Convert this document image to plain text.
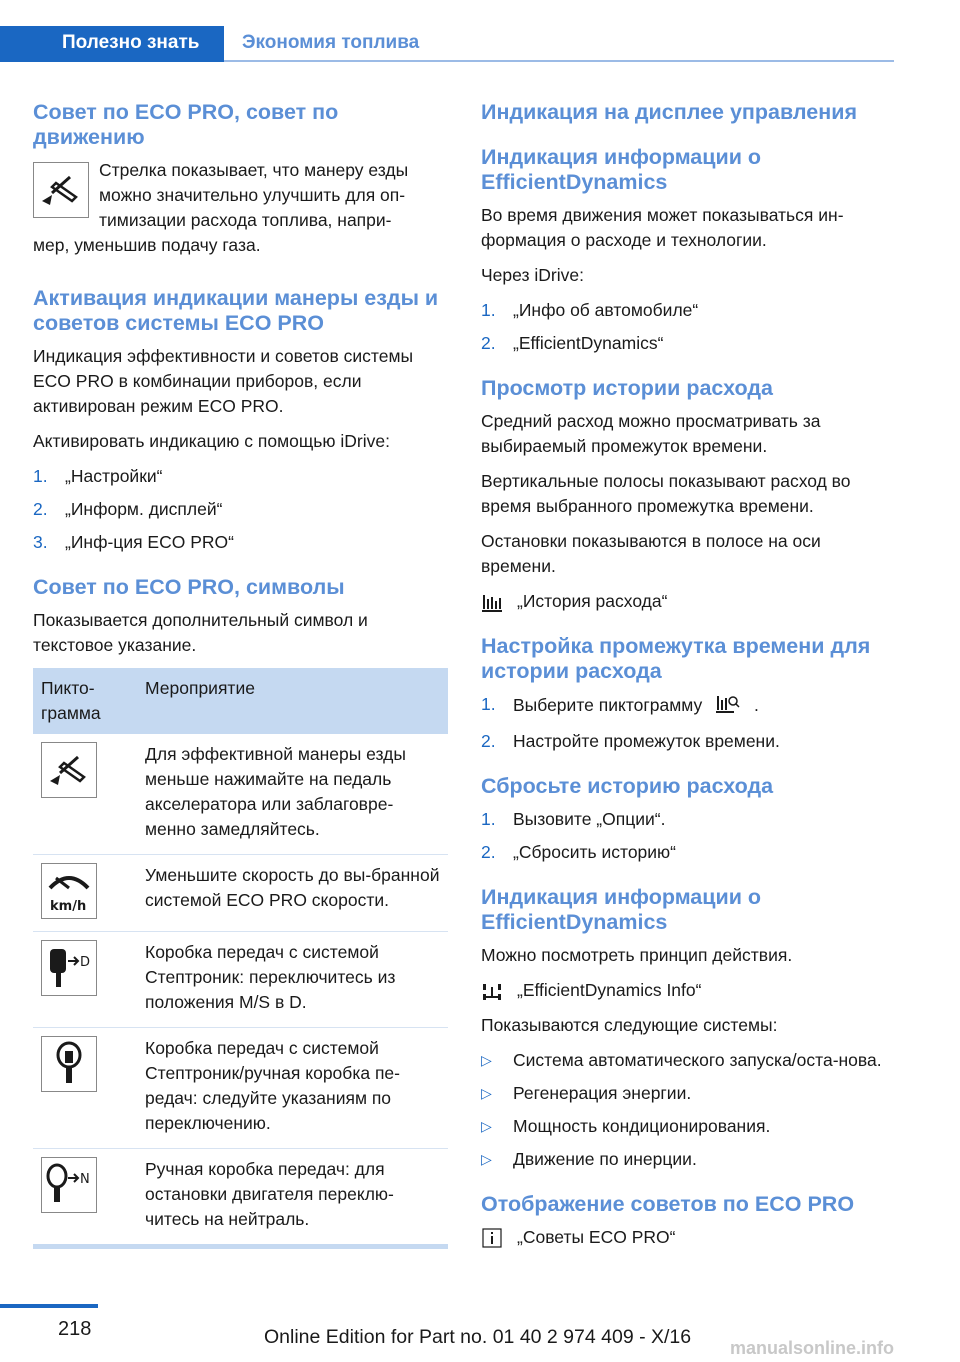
Полезно знать Экономия топлива
Совет по ECO PRO, совет по движению
Стрелка показывает, что манеру езды
можно значительно улучшить для оп-
тимизации расхода топлива, напри-
мер, уменьшив подачу газа.
Активация индикации манеры езды и советов системы ECO PRO

Индикация эффективности и советов системы ECO PRO в комбинации приборов, если активирован режим ECO PRO.

Активировать индикацию с помощью iDrive:

1. „Настройки“
2. „Информ. дисплей“
3. „Инф-ция ECO PRO“
Совет по ECO PRO, символы

Показывается дополнительный символ и текстовое указание.

Пикто-
грамма	Мероприятие

	Для эффективной манеры езды меньше нажимайте на педаль акселератора или заблаговре-менно замедляйтесь.

km/h	Уменьшите скорость до вы-бранной системой ECO PRO скорости.

D	Коробка передач с системой Стептроник: переключитесь из положения M/S в D.

	Коробка передач с системой Стептроник/ручная коробка пе-редач: следуйте указаниям по переключению.

N	Ручная коробка передач: для остановки двигателя переклю-читесь на нейтраль.
Индикация на дисплее управления
Индикация информации о EfficientDynamics

Во время движения может показываться ин-формация о расходе и технологии.

Через iDrive:

1. „Инфо об автомобиле“
2. „EfficientDynamics“
Просмотр истории расхода

Средний расход можно просматривать за выбираемый промежуток времени.

Вертикальные полосы показывают расход во время выбранного промежутка времени.

Остановки показываются в полосе на оси времени.

„История расхода“
Настройка промежутка времени для истории расхода
1. Выберите пиктограмму	.
2. Настройте промежуток времени.
Сбросьте историю расхода
1. Вызовите „Опции“.
2. „Сбросить историю“
Индикация информации о EfficientDynamics

Можно посмотреть принцип действия.

„EfficientDynamics Info“

Показываются следующие системы:

▷ Система автоматического запуска/оста-нова.
▷ Регенерация энергии.
▷ Мощность кондиционирования.
▷ Движение по инерции.
Отображение советов по ECO PRO
„Советы ECO PRO“
218	Online Edition for Part no. 01 40 2 974 409 - X/16 manualsonline.info
